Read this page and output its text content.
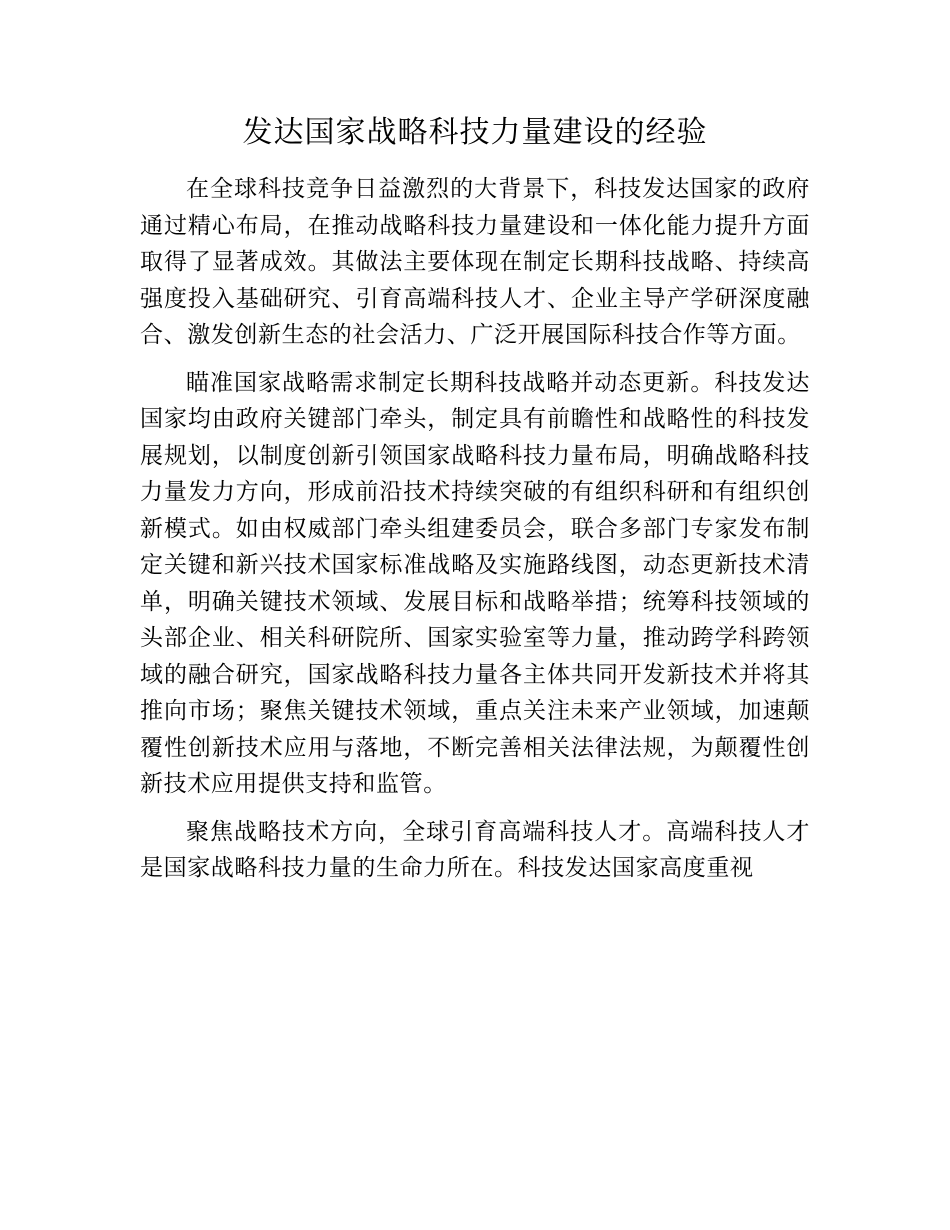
发达国家战略科技力量建设的经验

在全球科技竞争日益激烈的大背景下，科技发达国家的政府通过精心布局，在推动战略科技力量建设和一体化能力提升方面取得了显著成效。其做法主要体现在制定长期科技战略、持续高强度投入基础研究、引育高端科技人才、企业主导产学研深度融合、激发创新生态的社会活力、广泛开展国际科技合作等方面。

瞄准国家战略需求制定长期科技战略并动态更新。科技发达国家均由政府关键部门牵头，制定具有前瞻性和战略性的科技发展规划，以制度创新引领国家战略科技力量布局，明确战略科技力量发力方向，形成前沿技术持续突破的有组织科研和有组织创新模式。如由权威部门牵头组建委员会，联合多部门专家发布制定关键和新兴技术国家标准战略及实施路线图，动态更新技术清单，明确关键技术领域、发展目标和战略举措；统筹科技领域的头部企业、相关科研院所、国家实验室等力量，推动跨学科跨领域的融合研究，国家战略科技力量各主体共同开发新技术并将其推向市场；聚焦关键技术领域，重点关注未来产业领域，加速颠覆性创新技术应用与落地，不断完善相关法律法规，为颠覆性创新技术应用提供支持和监管。

聚焦战略技术方向，全球引育高端科技人才。高端科技人才是国家战略科技力量的生命力所在。科技发达国家高度重视
